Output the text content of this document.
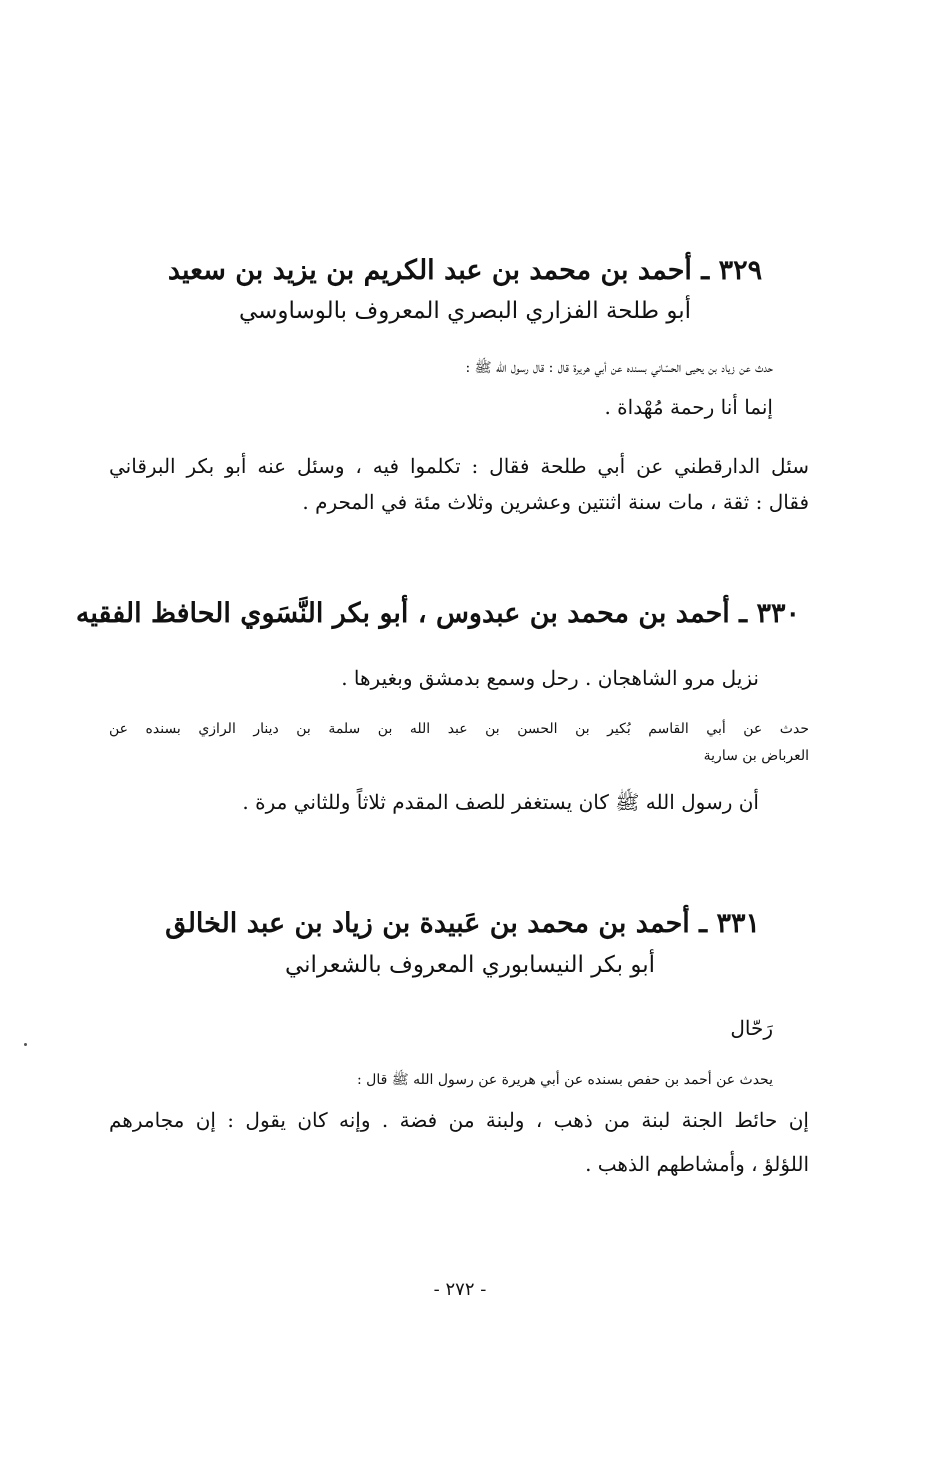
٣٢٩ ـ أحمد بن محمد بن عبد الكريم بن يزيد بن سعيد
أبو طلحة الفزاري البصري المعروف بالوساوسي
حدث عن زياد بن يحيى الحسّاني بسنده عن أبي هريرة قال : قال رسول الله ﷺ :
إنما أنا رحمة مُهْداة .
سئل الدارقطني عن أبي طلحة فقال : تكلموا فيه ، وسئل عنه أبو بكر البرقاني
فقال : ثقة ، مات سنة اثنتين وعشرين وثلاث مئة في المحرم .
٣٣٠ ـ أحمد بن محمد بن عبدوس ، أبو بكر النَّسَوي الحافظ الفقيه
نزيل مرو الشاهجان . رحل وسمع بدمشق وبغيرها .
حدث عن أبي القاسم بُكير بن الحسن بن عبد الله بن سلمة بن دينار الرازي بسنده عن
العرباض بن سارية
أن رسول الله ﷺ كان يستغفر للصف المقدم ثلاثاً وللثاني مرة .
٣٣١ ـ أحمد بن محمد بن عَبيدة بن زياد بن عبد الخالق
أبو بكر النيسابوري المعروف بالشعراني
رَحّال
يحدث عن أحمد بن حفص بسنده عن أبي هريرة عن رسول الله ﷺ قال :
إن حائط الجنة لبنة من ذهب ، ولبنة من فضة . وإنه كان يقول : إن مجامرهم
اللؤلؤ ، وأمشاطهم الذهب .
- ٢٧٢ -
